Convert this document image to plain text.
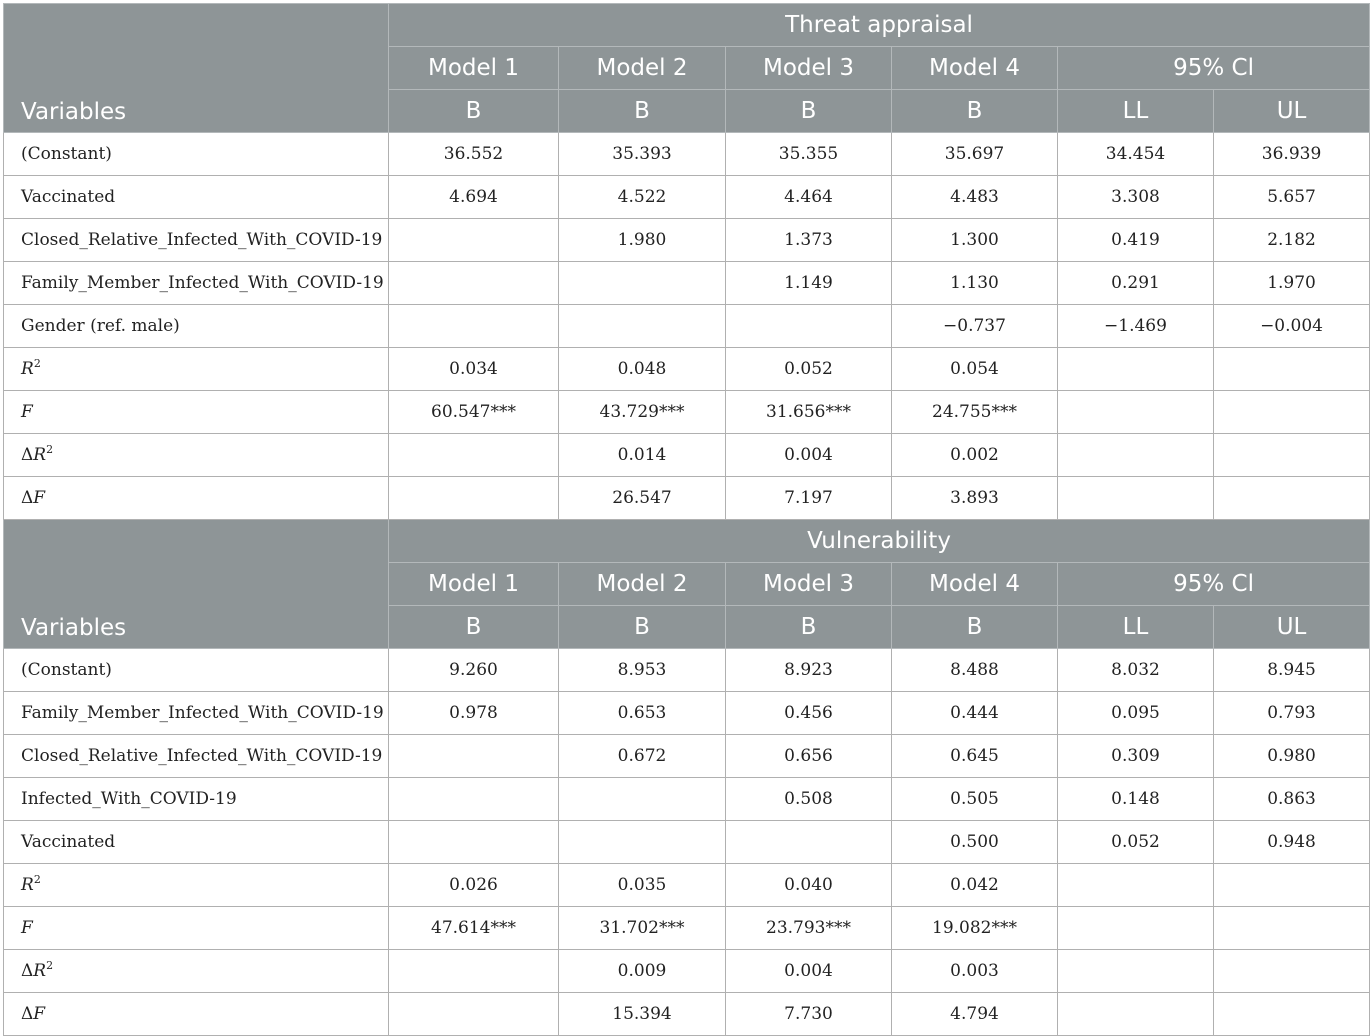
Variables	Threat appraisal					
	Model 1	Model 2	Model 3	Model 4	95% Cl	
	B	B	B	B	LL	UL
(Constant)	36.552	35.393	35.355	35.697	34.454	36.939
Vaccinated	4.694	4.522	4.464	4.483	3.308	5.657
Closed_Relative_Infected_With_COVID-19		1.980	1.373	1.300	0.419	2.182
Family_Member_Infected_With_COVID-19			1.149	1.130	0.291	1.970
Gender (ref. male)				−0.737	−1.469	−0.004
$R^2$	0.034	0.048	0.052	0.054		
F	60.547***	43.729***	31.656***	24.755***		
$\Delta R^2$		0.014	0.004	0.002		
ΔF		26.547	7.197	3.893		
Variables	Vulnerability					
	Model 1	Model 2	Model 3	Model 4	95% Cl	
	B	B	B	B	LL	UL
(Constant)	9.260	8.953	8.923	8.488	8.032	8.945
Family_Member_Infected_With_COVID-19	0.978	0.653	0.456	0.444	0.095	0.793
Closed_Relative_Infected_With_COVID-19		0.672	0.656	0.645	0.309	0.980
Infected_With_COVID-19			0.508	0.505	0.148	0.863
Vaccinated				0.500	0.052	0.948
$R^2$	0.026	0.035	0.040	0.042		
F	47.614***	31.702***	23.793***	19.082***		
$\Delta R^2$		0.009	0.004	0.003		
ΔF		15.394	7.730	4.794		
